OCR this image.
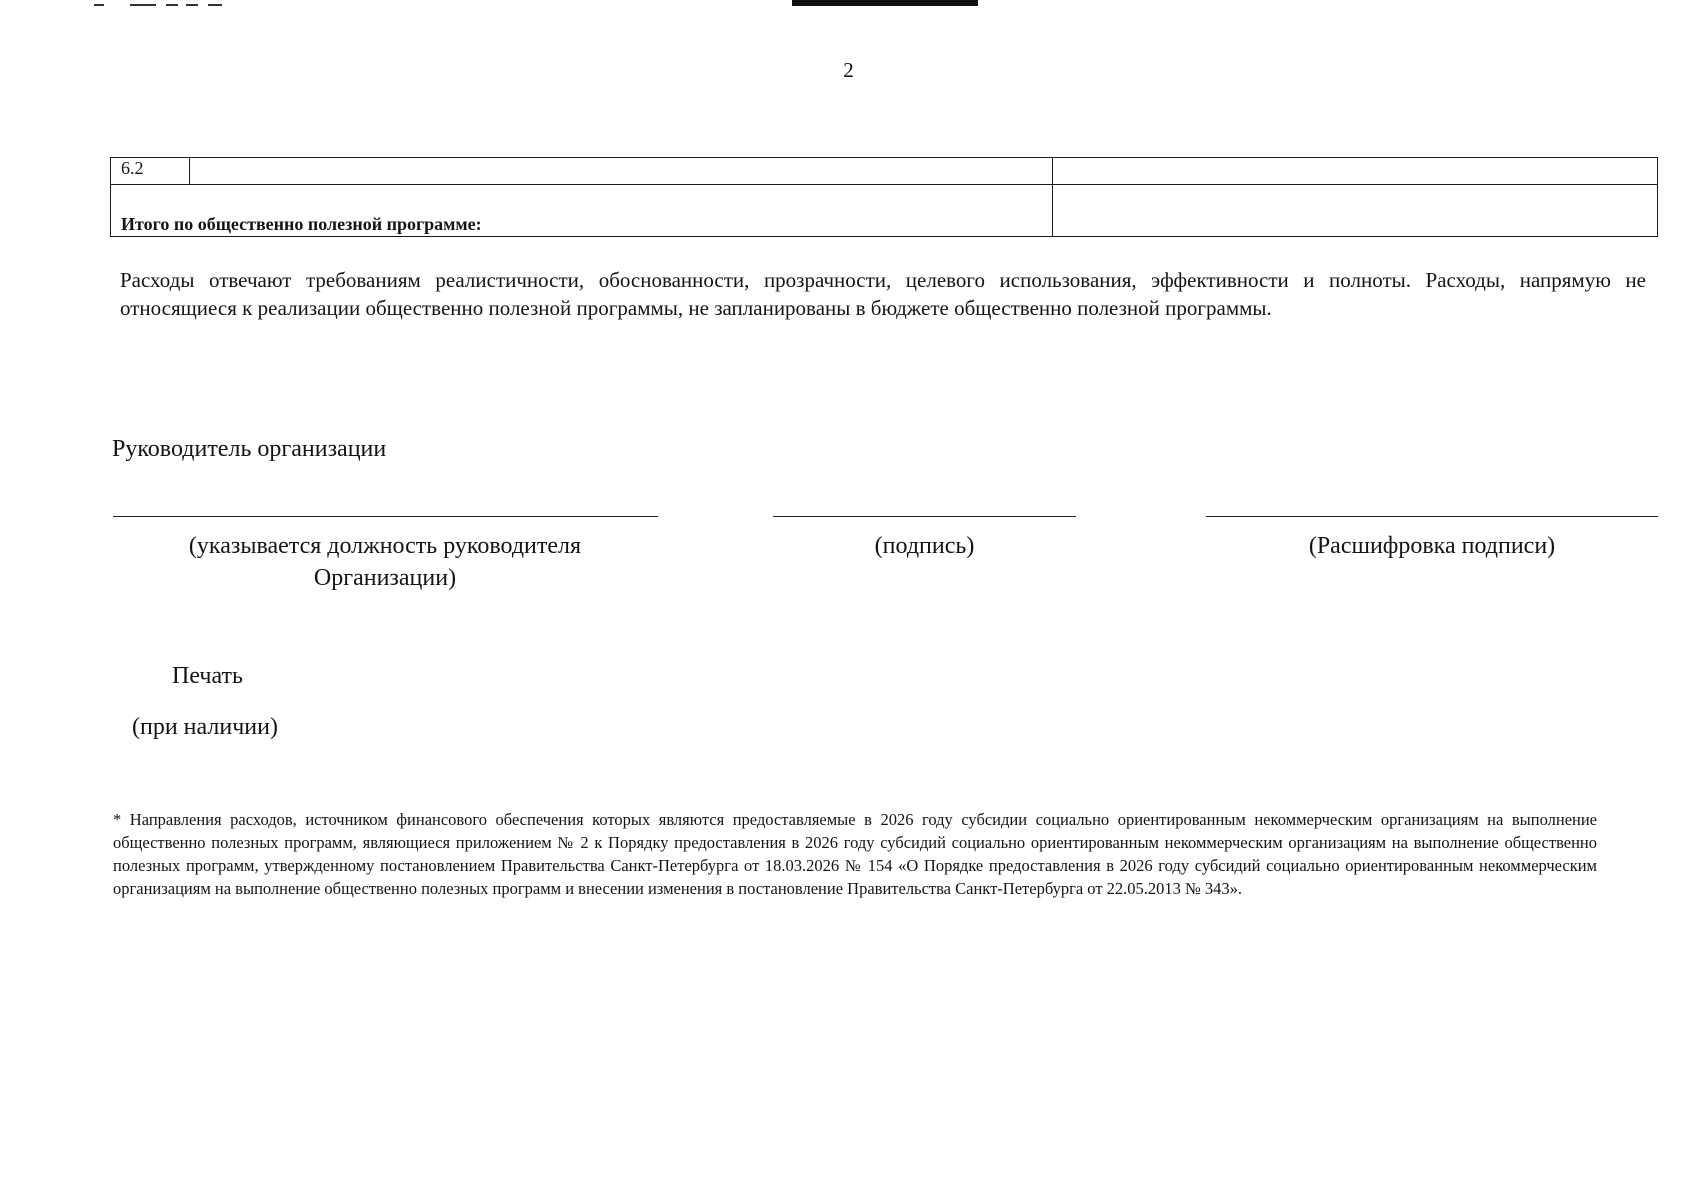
2
6.2		
Итого по общественно полезной программе:		
Расходы отвечают требованиям реалистичности, обоснованности, прозрачности, целевого использования, эффективности и полноты. Расходы, напрямую не относящиеся к реализации общественно полезной программы, не запланированы в бюджете общественно полезной программы.
Руководитель организации
(указывается должность руководителя
Организации)
(подпись)	(Расшифровка подписи)
Печать
(при наличии)
* Направления расходов, источником финансового обеспечения которых являются предоставляемые в 2026 году субсидии социально ориентированным некоммерческим организациям на выполнение общественно полезных программ, являющиеся приложением № 2 к Порядку предоставления в 2026 году субсидий социально ориентированным некоммерческим организациям на выполнение общественно полезных программ, утвержденному постановлением Правительства Санкт-Петербурга от 18.03.2026 № 154 «О Порядке предоставления в 2026 году субсидий социально ориентированным некоммерческим организациям на выполнение общественно полезных программ и внесении изменения в постановление Правительства Санкт-Петербурга от 22.05.2013 № 343».
